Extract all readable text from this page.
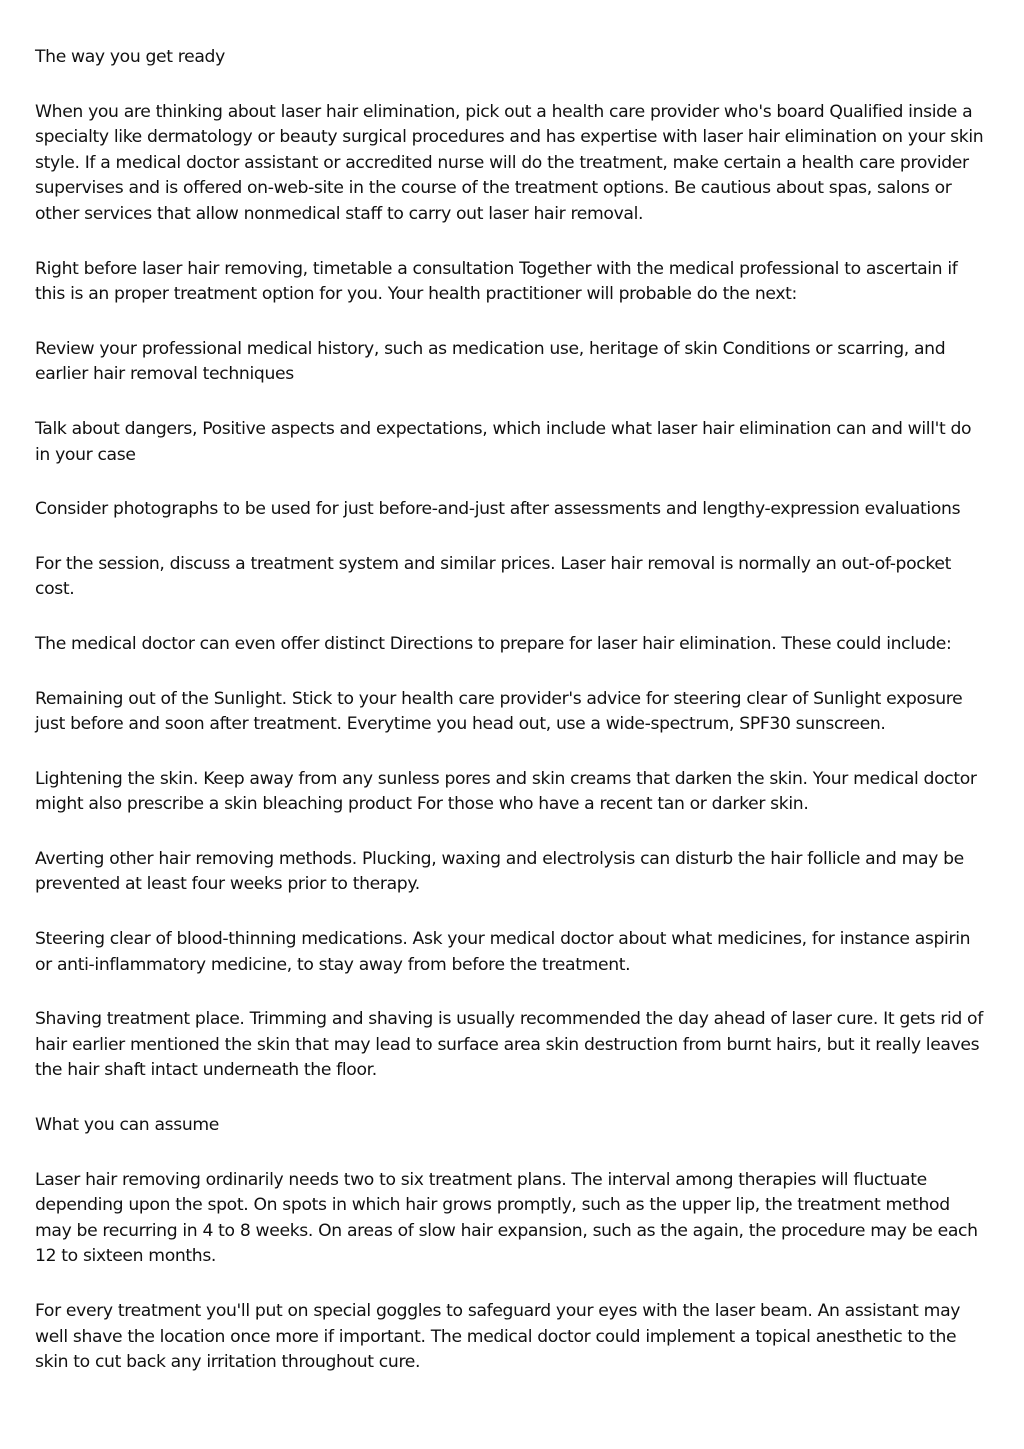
The way you get ready

When you are thinking about laser hair elimination, pick out a health care provider who's board Qualified inside a specialty like dermatology or beauty surgical procedures and has expertise with laser hair elimination on your skin style. If a medical doctor assistant or accredited nurse will do the treatment, make certain a health care provider supervises and is offered on-web-site in the course of the treatment options. Be cautious about spas, salons or other services that allow nonmedical staff to carry out laser hair removal.

Right before laser hair removing, timetable a consultation Together with the medical professional to ascertain if this is an proper treatment option for you. Your health practitioner will probable do the next:

Review your professional medical history, such as medication use, heritage of skin Conditions or scarring, and earlier hair removal techniques

Talk about dangers, Positive aspects and expectations, which include what laser hair elimination can and will't do in your case

Consider photographs to be used for just before-and-just after assessments and lengthy-expression evaluations

For the session, discuss a treatment system and similar prices. Laser hair removal is normally an out-of-pocket cost.

The medical doctor can even offer distinct Directions to prepare for laser hair elimination. These could include:

Remaining out of the Sunlight. Stick to your health care provider's advice for steering clear of Sunlight exposure just before and soon after treatment. Everytime you head out, use a wide-spectrum, SPF30 sunscreen.

Lightening the skin. Keep away from any sunless pores and skin creams that darken the skin. Your medical doctor might also prescribe a skin bleaching product For those who have a recent tan or darker skin.

Averting other hair removing methods. Plucking, waxing and electrolysis can disturb the hair follicle and may be prevented at least four weeks prior to therapy.

Steering clear of blood-thinning medications. Ask your medical doctor about what medicines, for instance aspirin or anti-inflammatory medicine, to stay away from before the treatment.

Shaving treatment place. Trimming and shaving is usually recommended the day ahead of laser cure. It gets rid of hair earlier mentioned the skin that may lead to surface area skin destruction from burnt hairs, but it really leaves the hair shaft intact underneath the floor.

What you can assume

Laser hair removing ordinarily needs two to six treatment plans. The interval among therapies will fluctuate depending upon the spot. On spots in which hair grows promptly, such as the upper lip, the treatment method may be recurring in 4 to 8 weeks. On areas of slow hair expansion, such as the again, the procedure may be each 12 to sixteen months.

For every treatment you'll put on special goggles to safeguard your eyes with the laser beam. An assistant may well shave the location once more if important. The medical doctor could implement a topical anesthetic to the skin to cut back any irritation throughout cure.
